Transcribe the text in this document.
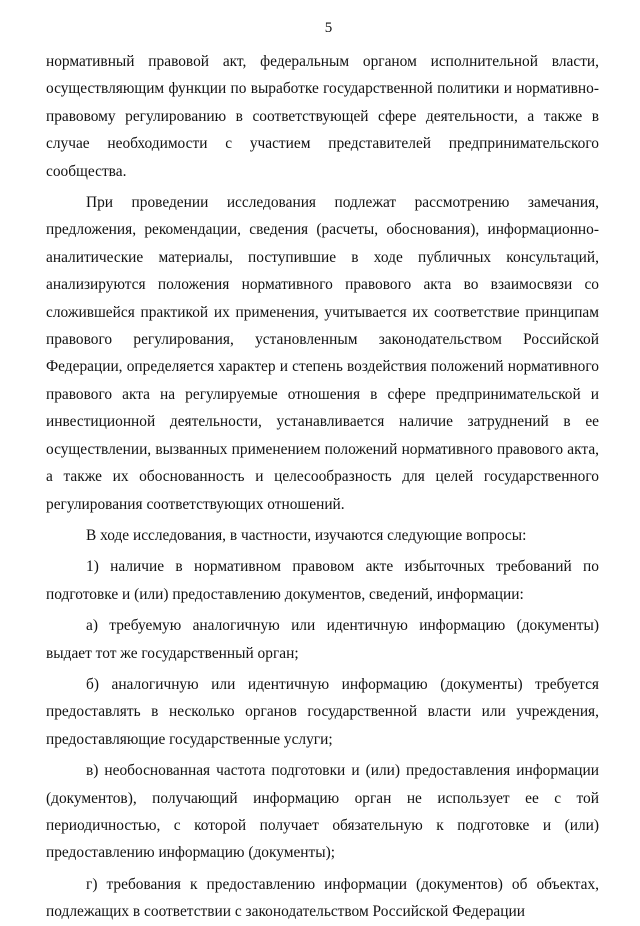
5

нормативный правовой акт, федеральным органом исполнительной власти, осуществляющим функции по выработке государственной политики и нормативно-правовому регулированию в соответствующей сфере деятельности, а также в случае необходимости с участием представителей предпринимательского сообщества.

При проведении исследования подлежат рассмотрению замечания, предложения, рекомендации, сведения (расчеты, обоснования), информационно-аналитические материалы, поступившие в ходе публичных консультаций, анализируются положения нормативного правового акта во взаимосвязи со сложившейся практикой их применения, учитывается их соответствие принципам правового регулирования, установленным законодательством Российской Федерации, определяется характер и степень воздействия положений нормативного правового акта на регулируемые отношения в сфере предпринимательской и инвестиционной деятельности, устанавливается наличие затруднений в ее осуществлении, вызванных применением положений нормативного правового акта, а также их обоснованность и целесообразность для целей государственного регулирования соответствующих отношений.

В ходе исследования, в частности, изучаются следующие вопросы:

1) наличие в нормативном правовом акте избыточных требований по подготовке и (или) предоставлению документов, сведений, информации:

а) требуемую аналогичную или идентичную информацию (документы) выдает тот же государственный орган;

б) аналогичную или идентичную информацию (документы) требуется предоставлять в несколько органов государственной власти или учреждения, предоставляющие государственные услуги;

в) необоснованная частота подготовки и (или) предоставления информации (документов), получающий информацию орган не использует ее с той периодичностью, с которой получает обязательную к подготовке и (или) предоставлению информацию (документы);

г) требования к предоставлению информации (документов) об объектах, подлежащих в соответствии с законодательством Российской Федерации
